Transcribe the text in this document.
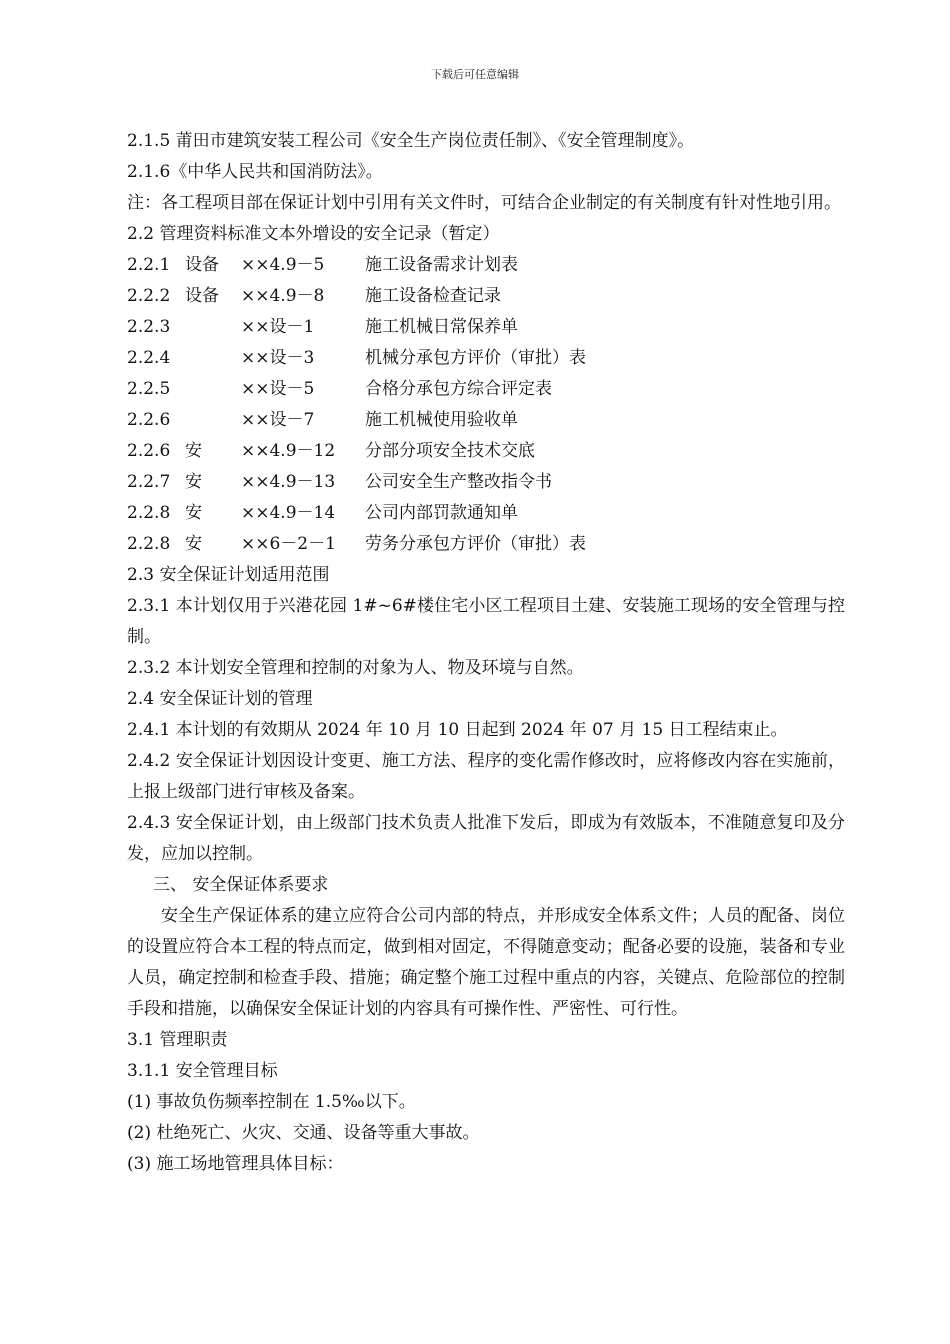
下载后可任意编辑
2.1.5 莆田市建筑安装工程公司《安全生产岗位责任制》、《安全管理制度》。
2.1.6《中华人民共和国消防法》。
注：各工程项目部在保证计划中引用有关文件时，可结合企业制定的有关制度有针对性地引用。
2.2 管理资料标准文本外增设的安全记录（暂定）
2.2.1 设备	××4.9－5	施工设备需求计划表
2.2.2 设备	××4.9－8	施工设备检查记录
2.2.3	××设－1	施工机械日常保养单
2.2.4	××设－3	机械分承包方评价（审批）表
2.2.5	××设－5	合格分承包方综合评定表
2.2.6	××设－7	施工机械使用验收单
2.2.6 安	××4.9－12	分部分项安全技术交底
2.2.7 安	××4.9－13	公司安全生产整改指令书
2.2.8 安	××4.9－14	公司内部罚款通知单
2.2.8 安	××6－2－1	劳务分承包方评价（审批）表
2.3 安全保证计划适用范围
2.3.1 本计划仅用于兴港花园 1#~6#楼住宅小区工程项目土建、安装施工现场的安全管理与控制。
2.3.2 本计划安全管理和控制的对象为人、物及环境与自然。
2.4 安全保证计划的管理
2.4.1 本计划的有效期从 2024 年 10 月 10 日起到 2024 年 07 月 15 日工程结束止。
2.4.2 安全保证计划因设计变更、施工方法、程序的变化需作修改时，应将修改内容在实施前，上报上级部门进行审核及备案。
2.4.3 安全保证计划，由上级部门技术负责人批准下发后，即成为有效版本，不准随意复印及分发，应加以控制。
三、 安全保证体系要求
安全生产保证体系的建立应符合公司内部的特点，并形成安全体系文件；人员的配备、岗位的设置应符合本工程的特点而定，做到相对固定，不得随意变动；配备必要的设施，装备和专业人员，确定控制和检查手段、措施；确定整个施工过程中重点的内容，关键点、危险部位的控制手段和措施，以确保安全保证计划的内容具有可操作性、严密性、可行性。
3.1 管理职责
3.1.1 安全管理目标
(1) 事故负伤频率控制在 1.5‰以下。
(2) 杜绝死亡、火灾、交通、设备等重大事故。
(3) 施工场地管理具体目标：
